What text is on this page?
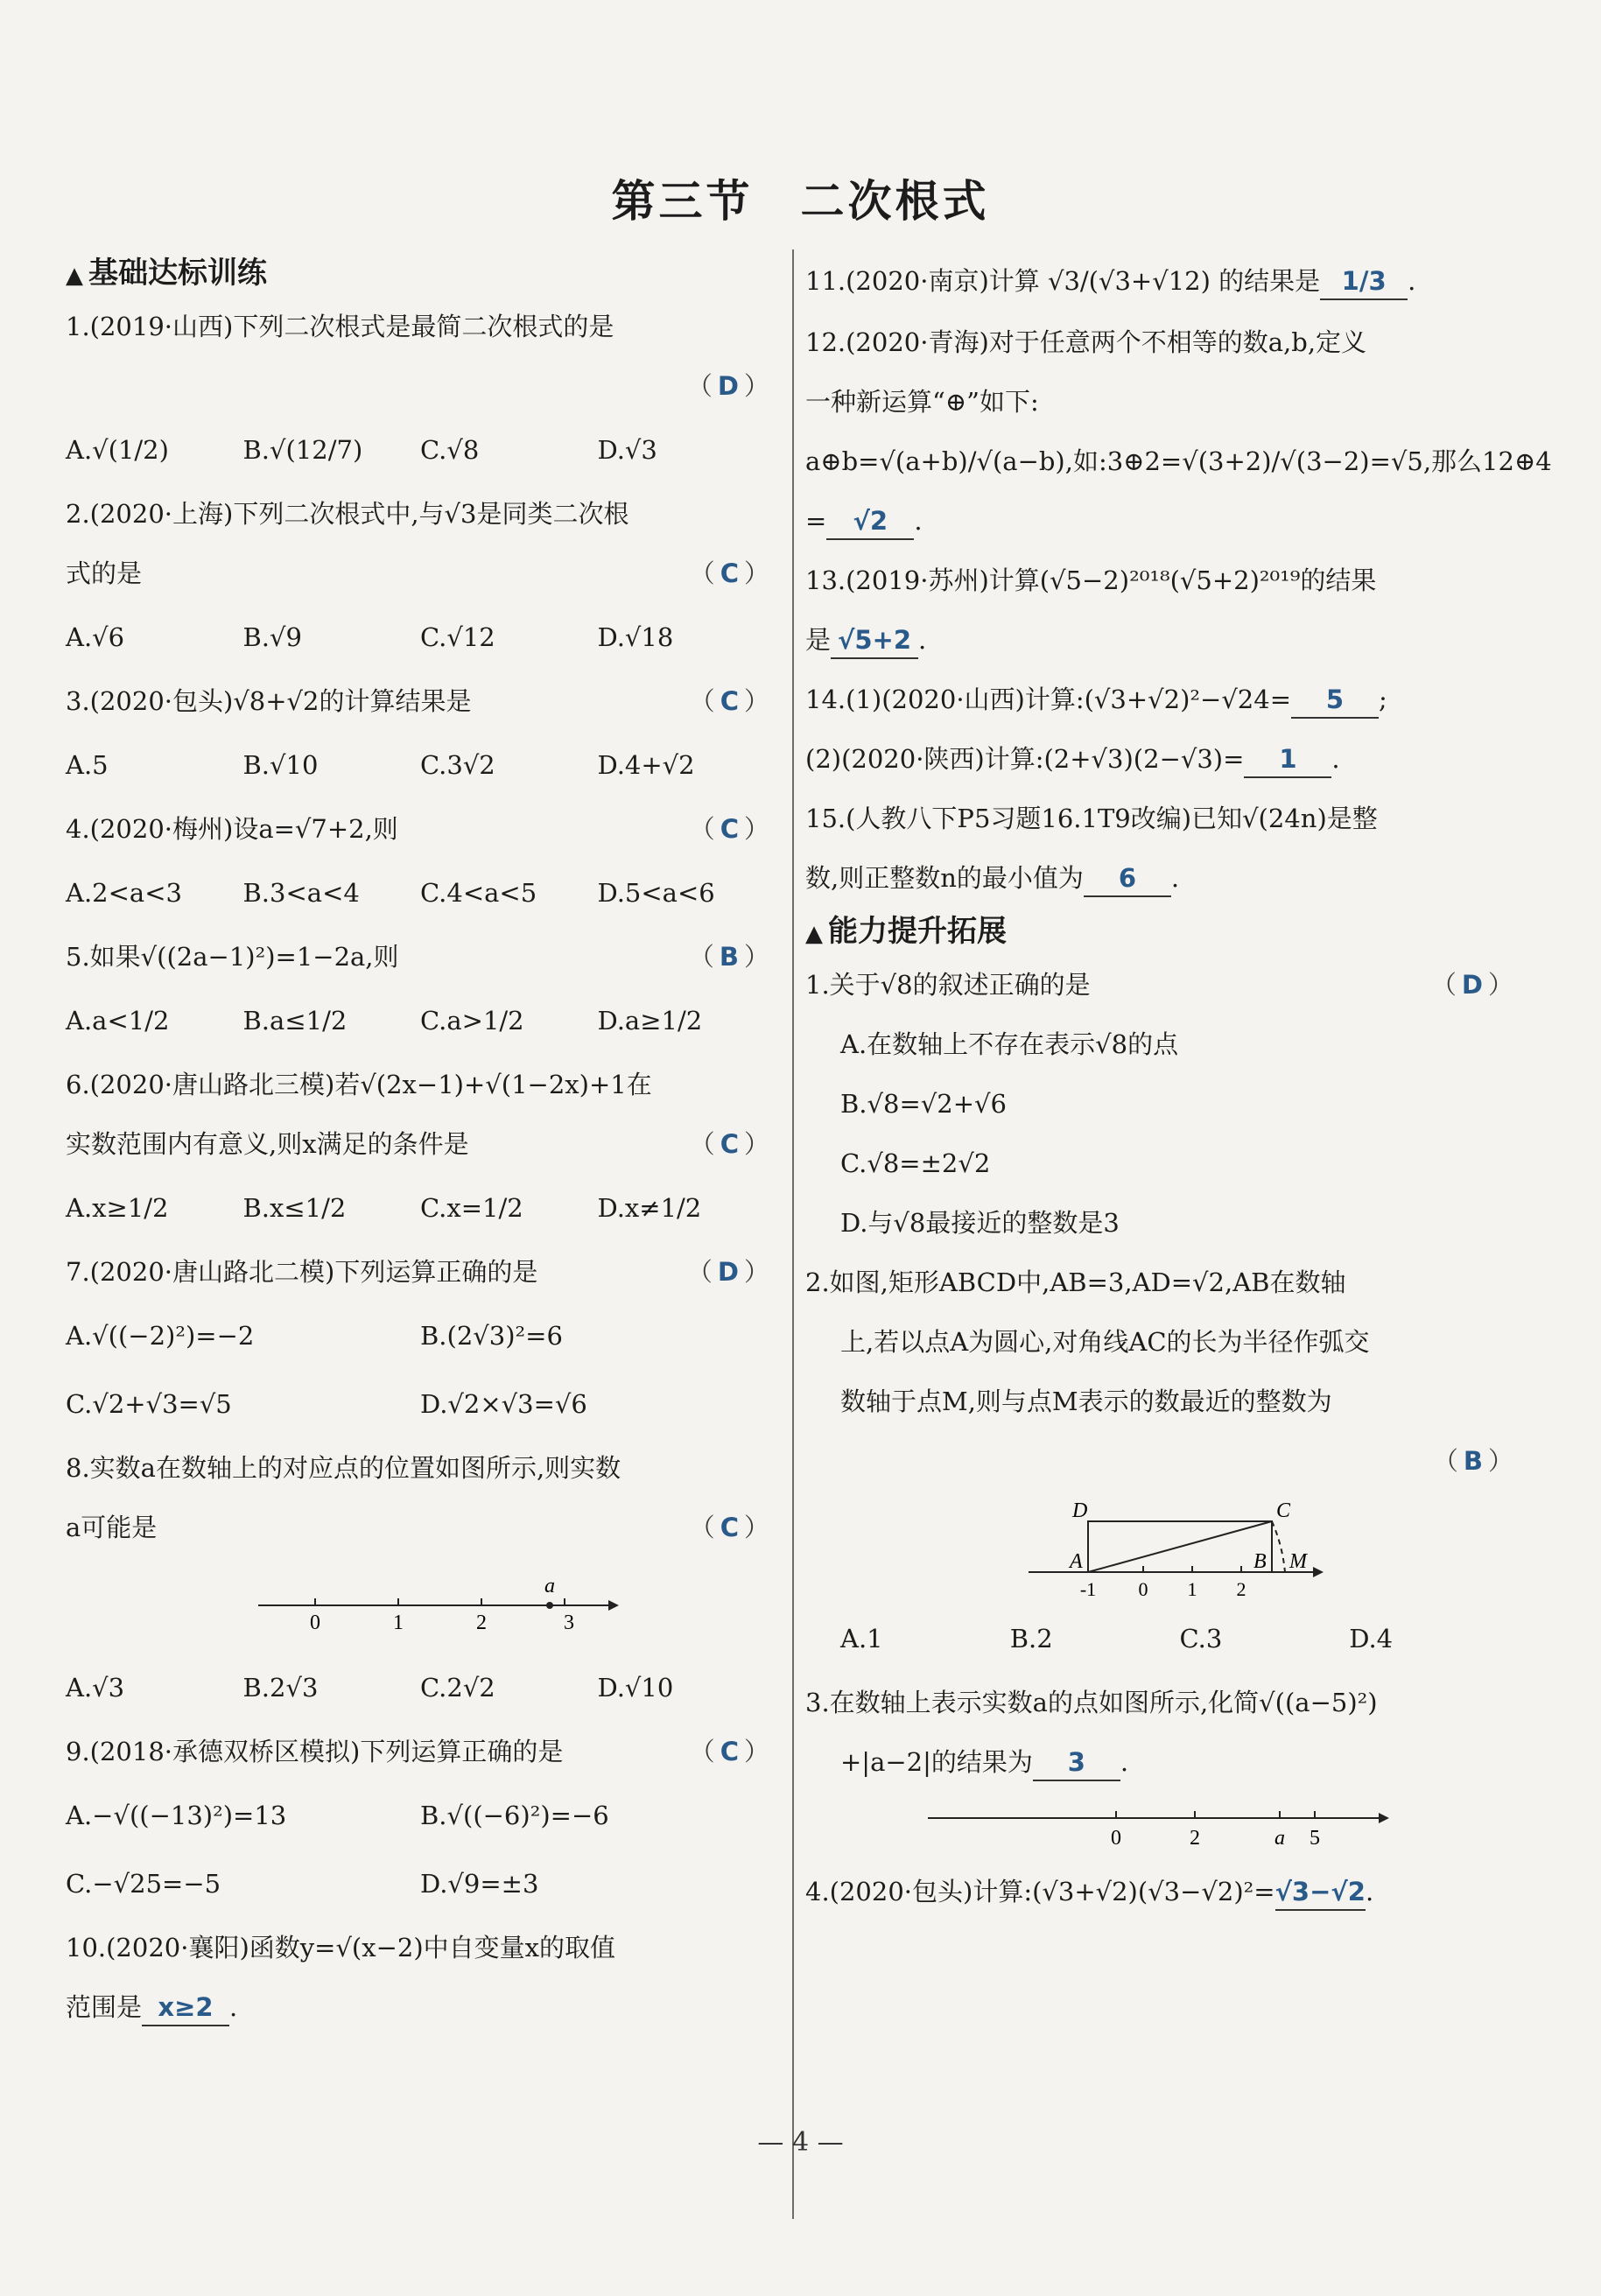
第三节　二次根式
▲ 基础达标训练
1.(2019·山西)下列二次根式是最简二次根式的是
（D）
A.√(1/2)	B.√(12/7)	C.√8	D.√3
2.(2020·上海)下列二次根式中,与√3是同类二次根
式的是	（C）
A.√6	B.√9	C.√12	D.√18
3.(2020·包头)√8+√2的计算结果是	（C）
A.5	B.√10	C.3√2	D.4+√2
4.(2020·梅州)设a=√7+2,则	（C）
A.2<a<3	B.3<a<4	C.4<a<5	D.5<a<6
5.如果√((2a−1)²)=1−2a,则	（B）
A.a<1/2	B.a≤1/2	C.a>1/2	D.a≥1/2
6.(2020·唐山路北三模)若√(2x−1)+√(1−2x)+1在
实数范围内有意义,则x满足的条件是	（C）
A.x≥1/2	B.x≤1/2	C.x=1/2	D.x≠1/2
7.(2020·唐山路北二模)下列运算正确的是	（D）
A.√((−2)²)=−2	B.(2√3)²=6
C.√2+√3=√5	D.√2×√3=√6
8.实数a在数轴上的对应点的位置如图所示,则实数
a可能是	（C）
0	1	2	3
a
A.√3	B.2√3	C.2√2	D.√10
9.(2018·承德双桥区模拟)下列运算正确的是	（C）
A.−√((−13)²)=13	B.√((−6)²)=−6
C.−√25=−5	D.√9=±3
10.(2020·襄阳)函数y=√(x−2)中自变量x的取值
范围是 x≥2 .
11.(2020·南京)计算 √3/(√3+√12) 的结果是 1/3 .
12.(2020·青海)对于任意两个不相等的数a,b,定义
一种新运算“⊕”如下:
a⊕b=√(a+b)/√(a−b),如:3⊕2=√(3+2)/√(3−2)=√5,那么12⊕4
= √2 .
13.(2019·苏州)计算(√5−2)²⁰¹⁸(√5+2)²⁰¹⁹的结果
是 √5+2 .
14.(1)(2020·山西)计算:(√3+√2)²−√24= 5 ;
(2)(2020·陕西)计算:(2+√3)(2−√3)= 1 .
15.(人教八下P5习题16.1T9改编)已知√(24n)是整
数,则正整数n的最小值为 6 .
▲ 能力提升拓展
1.关于√8的叙述正确的是	（D）
A.在数轴上不存在表示√8的点
B.√8=√2+√6
C.√8=±2√2
D.与√8最接近的整数是3
2.如图,矩形ABCD中,AB=3,AD=√2,AB在数轴
上,若以点A为圆心,对角线AC的长为半径作弧交
数轴于点M,则与点M表示的数最近的整数为
（B）
D	C
A	B M
-1 0 1 2
A.1	B.2	C.3	D.4
3.在数轴上表示实数a的点如图所示,化简√((a−5)²)
+|a−2|的结果为 3 .
0	2	a 5
4.(2020·包头)计算:(√3+√2)(√3−√2)²=√3−√2.
— 4 —
